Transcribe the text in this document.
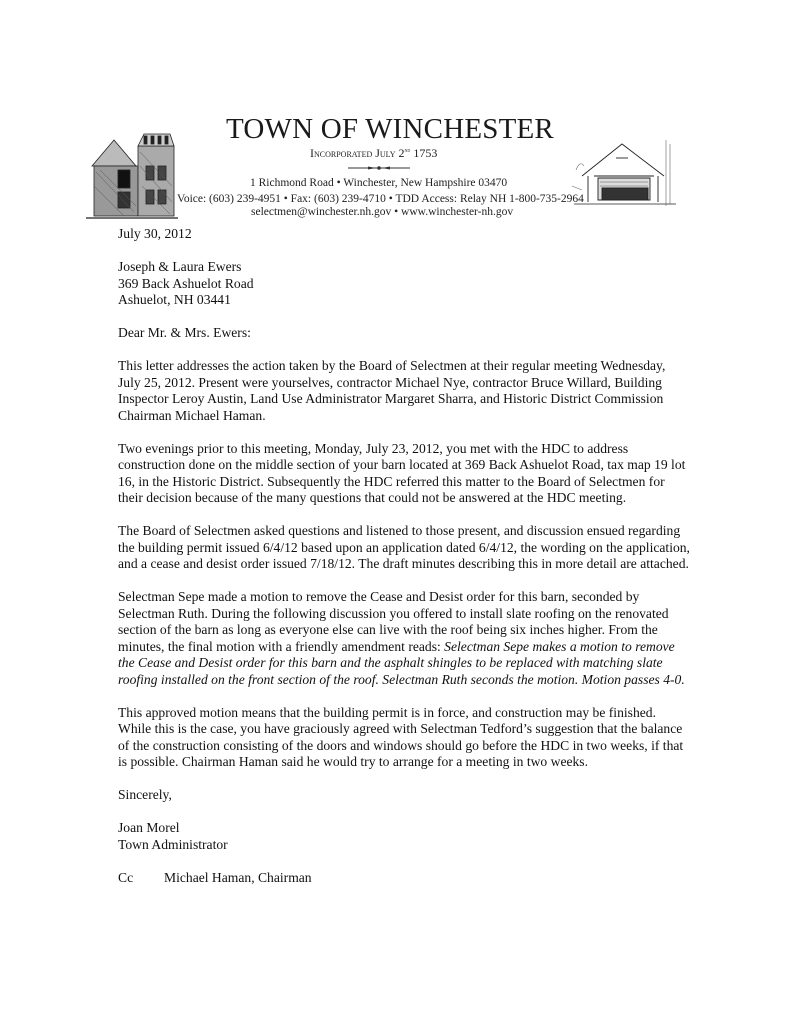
TOWN OF WINCHESTER
Incorporated July 2nd 1753
1 Richmond Road • Winchester, New Hampshire 03470
Voice: (603) 239-4951 • Fax: (603) 239-4710 • TDD Access: Relay NH 1-800-735-2964
selectmen@winchester.nh.gov • www.winchester-nh.gov

July 30, 2012

Joseph & Laura Ewers
369 Back Ashuelot Road
Ashuelot, NH 03441

Dear Mr. & Mrs. Ewers:

This letter addresses the action taken by the Board of Selectmen at their regular meeting Wednesday, July 25, 2012. Present were yourselves, contractor Michael Nye, contractor Bruce Willard, Building Inspector Leroy Austin, Land Use Administrator Margaret Sharra, and Historic District Commission Chairman Michael Haman.

Two evenings prior to this meeting, Monday, July 23, 2012, you met with the HDC to address construction done on the middle section of your barn located at 369 Back Ashuelot Road, tax map 19 lot 16, in the Historic District. Subsequently the HDC referred this matter to the Board of Selectmen for their decision because of the many questions that could not be answered at the HDC meeting.

The Board of Selectmen asked questions and listened to those present, and discussion ensued regarding the building permit issued 6/4/12 based upon an application dated 6/4/12, the wording on the application, and a cease and desist order issued 7/18/12. The draft minutes describing this in more detail are attached.

Selectman Sepe made a motion to remove the Cease and Desist order for this barn, seconded by Selectman Ruth. During the following discussion you offered to install slate roofing on the renovated section of the barn as long as everyone else can live with the roof being six inches higher. From the minutes, the final motion with a friendly amendment reads: Selectman Sepe makes a motion to remove the Cease and Desist order for this barn and the asphalt shingles to be replaced with matching slate roofing installed on the front section of the roof. Selectman Ruth seconds the motion. Motion passes 4-0.

This approved motion means that the building permit is in force, and construction may be finished. While this is the case, you have graciously agreed with Selectman Tedford’s suggestion that the balance of the construction consisting of the doors and windows should go before the HDC in two weeks, if that is possible. Chairman Haman said he would try to arrange for a meeting in two weeks.

Sincerely,

Joan Morel
Town Administrator
Cc	Michael Haman, Chairman
